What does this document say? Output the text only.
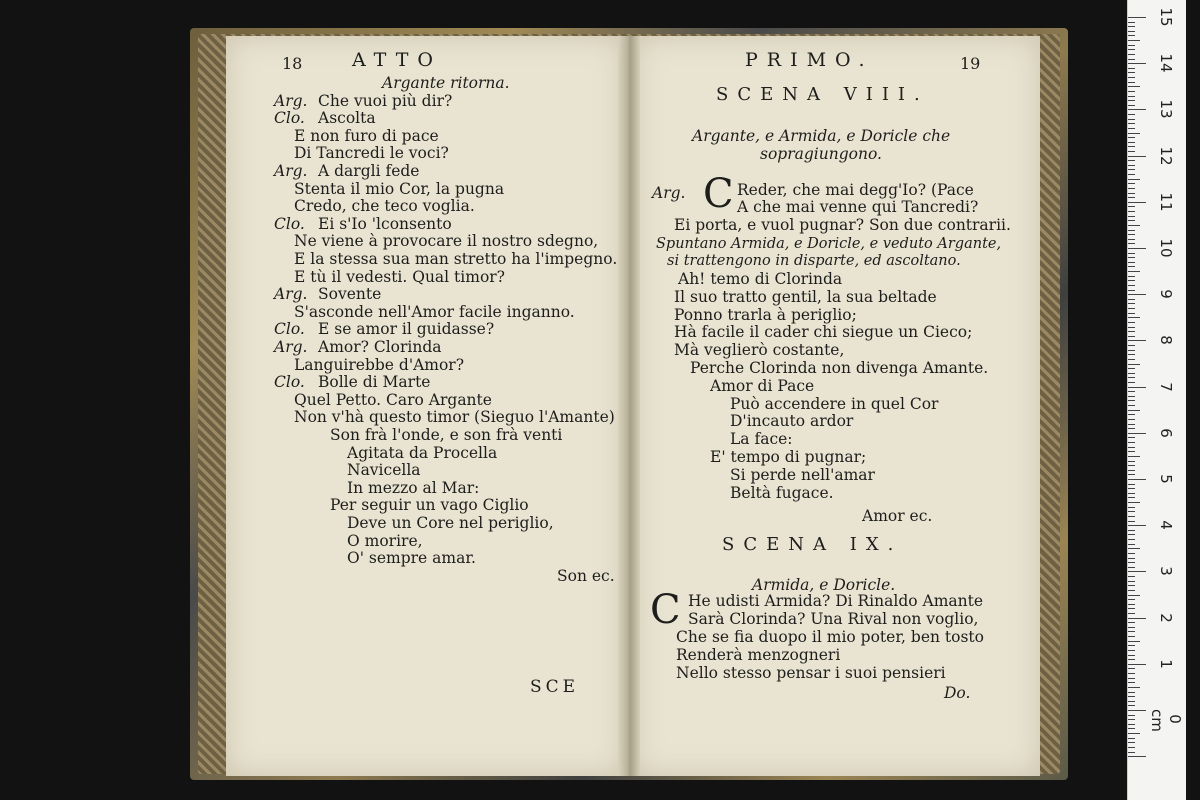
18	ATTO
Argante ritorna.
Arg. Che vuoi più dir?
Clo. Ascolta
E non furo di pace
Di Tancredi le voci?
Arg. A dargli fede
Stenta il mio Cor, la pugna
Credo, che teco voglia.
Clo. Ei s'Io 'lconsento
Ne viene à provocare il nostro sdegno,
E la stessa sua man stretto ha l'impegno.
E tù il vedesti. Qual timor?
Arg. Sovente
S'asconde nell'Amor facile inganno.
Clo. E se amor il guidasse?
Arg. Amor? Clorinda
Languirebbe d'Amor?
Clo. Bolle di Marte
Quel Petto. Caro Argante
Non v'hà questo timor (Sieguo l'Amante)
Son frà l'onde, e son frà venti
Agitata da Procella
Navicella
In mezzo al Mar:
Per seguir un vago Ciglio
Deve un Core nel periglio,
O morire,
O' sempre amar.
Son ec.
SCE
PRIMO.	19
SCENA VIII.
Argante, e Armida, e Doricle che
sopragiungono.
Arg. C Reder, che mai degg'Io? (Pace
A che mai venne qui Tancredi?
Ei porta, e vuol pugnar? Son due contrarii.
Spuntano Armida, e Doricle, e veduto Argante,
si trattengono in disparte, ed ascoltano.
Ah! temo di Clorinda
Il suo tratto gentil, la sua beltade
Ponno trarla à periglio;
Hà facile il cader chi siegue un Cieco;
Mà veglierò costante,
Perche Clorinda non divenga Amante.
Amor di Pace
Può accendere in quel Cor
D'incauto ardor
La face:
E' tempo di pugnar;
Si perde nell'amar
Beltà fugace.
Amor ec.
SCENA IX.
Armida, e Doricle.
C He udisti Armida? Di Rinaldo Amante
Sarà Clorinda? Una Rival non voglio,
Che se fia duopo il mio poter, ben tosto
Renderà menzogneri
Nello stesso pensar i suoi pensieri
Do.
15
14
13
12
11
10
9
8
7
6
5
4
3
2
1
0 cm
